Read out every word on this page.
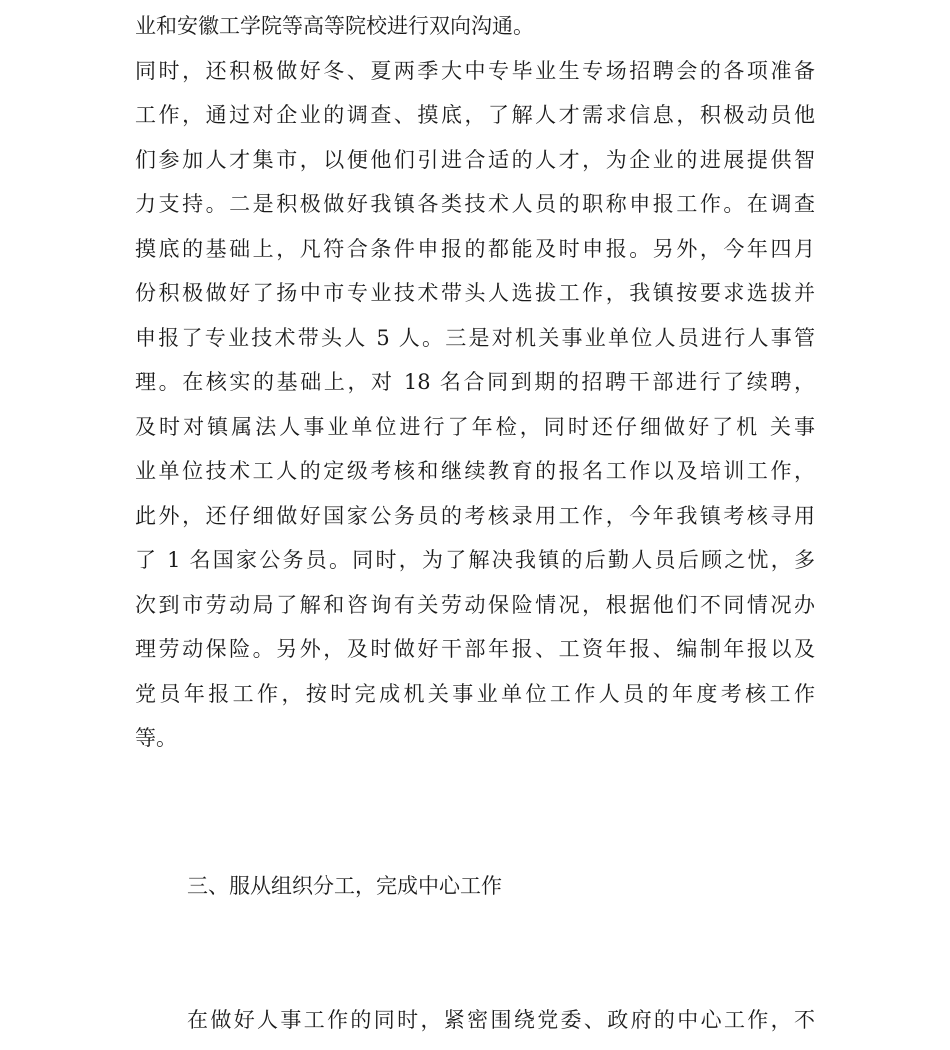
业和安徽工学院等高等院校进行双向沟通。
同时，还积极做好冬、夏两季大中专毕业生专场招聘会的各项准备
工作，通过对企业的调查、摸底，了解人才需求信息，积极动员他
们参加人才集市，以便他们引进合适的人才，为企业的进展提供智
力支持。二是积极做好我镇各类技术人员的职称申报工作。在调查
摸底的基础上，凡符合条件申报的都能及时申报。另外，今年四月
份积极做好了扬中市专业技术带头人选拔工作，我镇按要求选拔并
申报了专业技术带头人 5 人。三是对机关事业单位人员进行人事管
理。在核实的基础上，对 18 名合同到期的招聘干部进行了续聘，
及时对镇属法人事业单位进行了年检，同时还仔细做好了机 关事
业单位技术工人的定级考核和继续教育的报名工作以及培训工作，
此外，还仔细做好国家公务员的考核录用工作，今年我镇考核寻用
了 1 名国家公务员。同时，为了解决我镇的后勤人员后顾之忧，多
次到市劳动局了解和咨询有关劳动保险情况，根据他们不同情况办
理劳动保险。另外，及时做好干部年报、工资年报、编制年报以及
党员年报工作，按时完成机关事业单位工作人员的年度考核工作
等。
三、服从组织分工，完成中心工作
在做好人事工作的同时，紧密围绕党委、政府的中心工作，不
